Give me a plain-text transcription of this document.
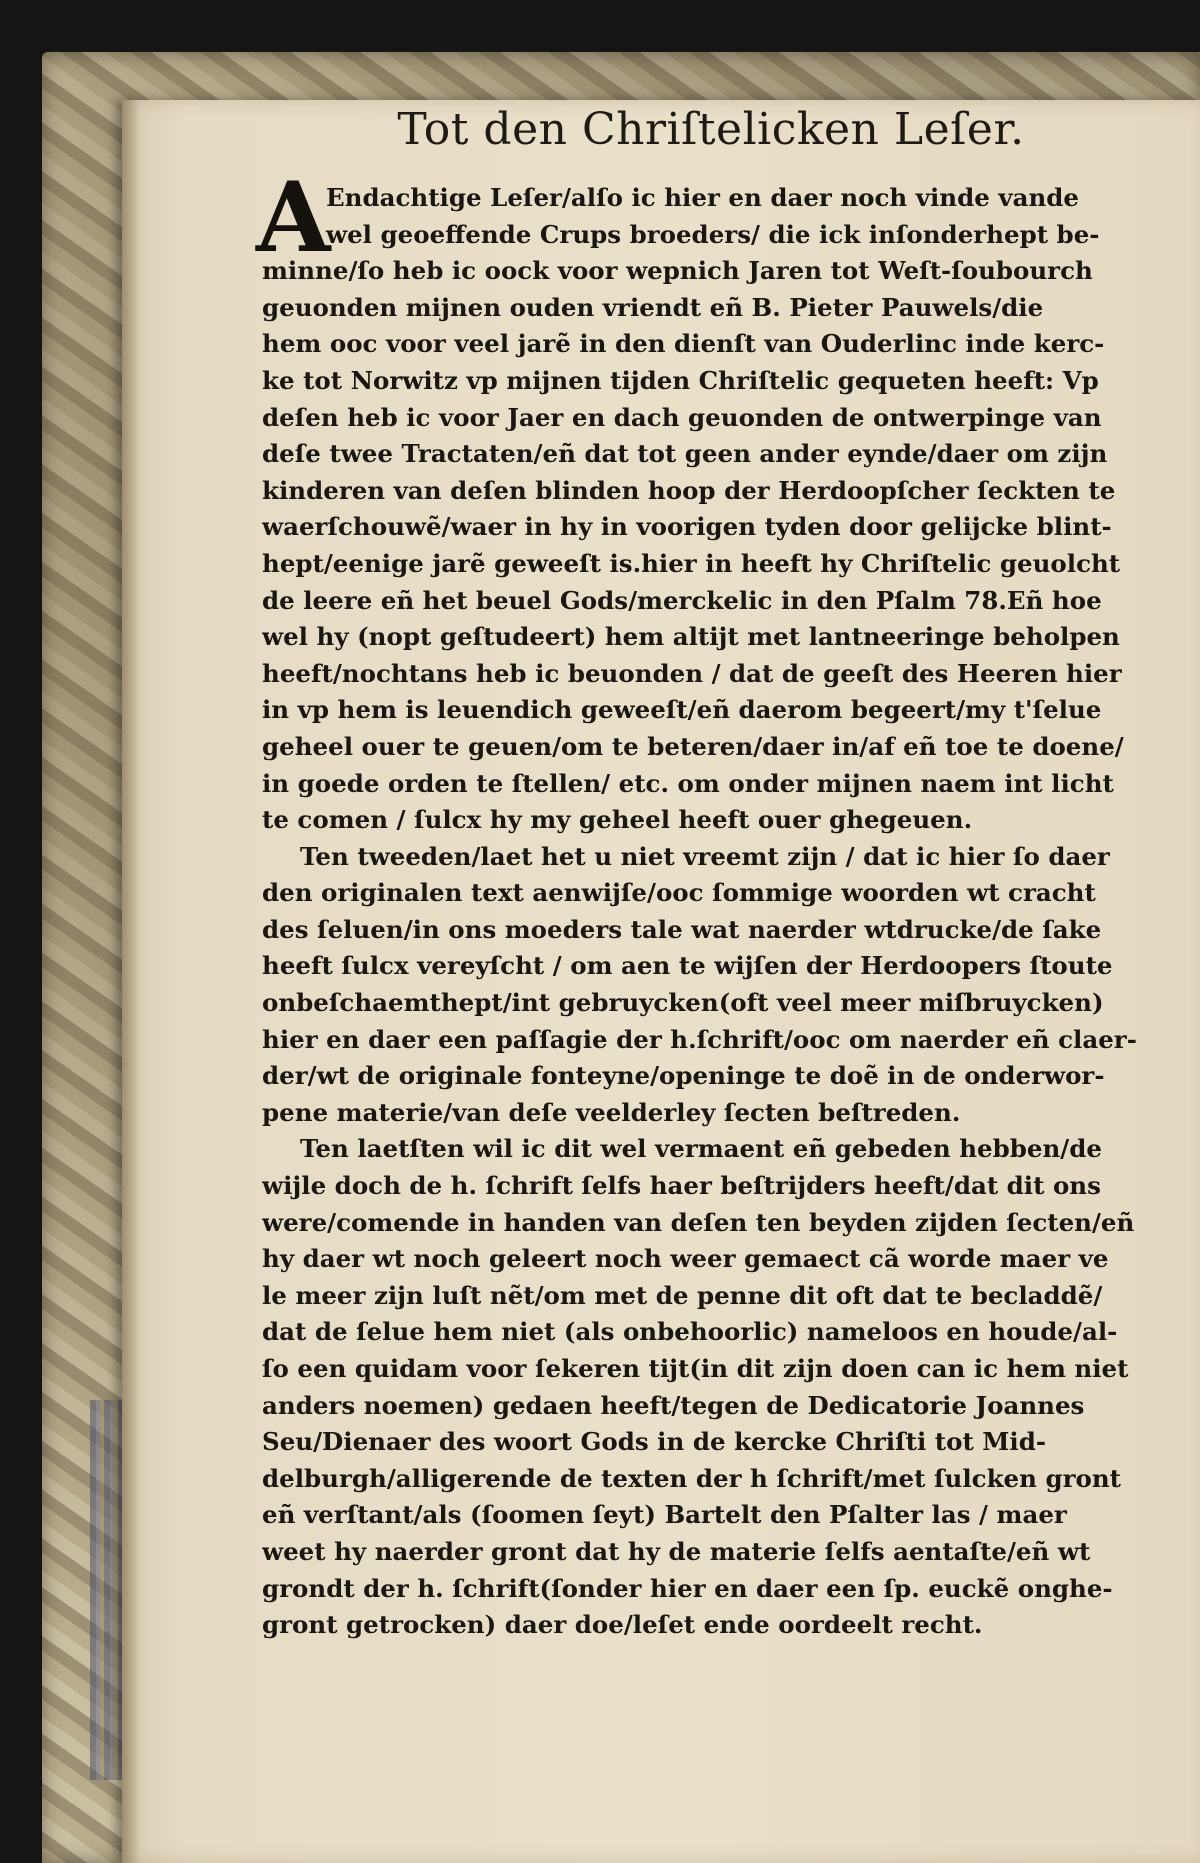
Tot den Chriſtelicken Leſer.
A
Endachtige Leſer/alſo ic hier en daer noch vinde vande
wel geoeffende Crups broeders/ die ick inſonderhept be-
minne/ſo heb ic oock voor wepnich Jaren tot Weſt-ſoubourch
geuonden mijnen ouden vriendt eñ B. Pieter Pauwels/die
hem ooc voor veel jarẽ in den dienſt van Ouderlinc inde kerc-
ke tot Norwitz vp mijnen tijden Chriſtelic gequeten heeft: Vp
deſen heb ic voor Jaer en dach geuonden de ontwerpinge van
deſe twee Tractaten/eñ dat tot geen ander eynde/daer om zijn
kinderen van deſen blinden hoop der Herdoopſcher ſeckten te
waerſchouwẽ/waer in hy in voorigen tyden door gelijcke blint-
hept/eenige jarẽ geweeſt is.hier in heeft hy Chriſtelic geuolcht
de leere eñ het beuel Gods/merckelic in den Pſalm 78.Eñ hoe
wel hy (nopt geſtudeert) hem altijt met lantneeringe beholpen
heeft/nochtans heb ic beuonden / dat de geeſt des Heeren hier
in vp hem is leuendich geweeſt/eñ daerom begeert/my t'ſelue
geheel ouer te geuen/om te beteren/daer in/af eñ toe te doene/
in goede orden te ſtellen/ etc. om onder mijnen naem int licht
te comen / ſulcx hy my geheel heeft ouer ghegeuen.
Ten tweeden/laet het u niet vreemt zijn / dat ic hier ſo daer
den originalen text aenwijſe/ooc ſommige woorden wt cracht
des ſeluen/in ons moeders tale wat naerder wtdrucke/de ſake
heeft ſulcx vereyſcht / om aen te wijſen der Herdoopers ſtoute
onbeſchaemthept/int gebruycken(oft veel meer miſbruycken)
hier en daer een paſſagie der h.ſchrift/ooc om naerder eñ claer-
der/wt de originale fonteyne/openinge te doẽ in de onderwor-
pene materie/van deſe veelderley ſecten beſtreden.
Ten laetſten wil ic dit wel vermaent eñ gebeden hebben/de
wijle doch de h. ſchrift ſelfs haer beſtrijders heeft/dat dit ons
were/comende in handen van deſen ten beyden zijden ſecten/eñ
hy daer wt noch geleert noch weer gemaect cã worde maer ve
le meer zijn luſt nẽt/om met de penne dit oft dat te becladdẽ/
dat de ſelue hem niet (als onbehoorlic) nameloos en houde/al-
ſo een quidam voor ſekeren tijt(in dit zijn doen can ic hem niet
anders noemen) gedaen heeft/tegen de Dedicatorie Joannes
Seu/Dienaer des woort Gods in de kercke Chriſti tot Mid-
delburgh/alligerende de texten der h ſchrift/met ſulcken gront
eñ verſtant/als (ſoomen ſeyt) Bartelt den Pſalter las / maer
weet hy naerder gront dat hy de materie ſelfs aentaſte/eñ wt
grondt der h. ſchrift(ſonder hier en daer een ſp. euckẽ onghe-
gront getrocken) daer doe/leſet ende oordeelt recht.
